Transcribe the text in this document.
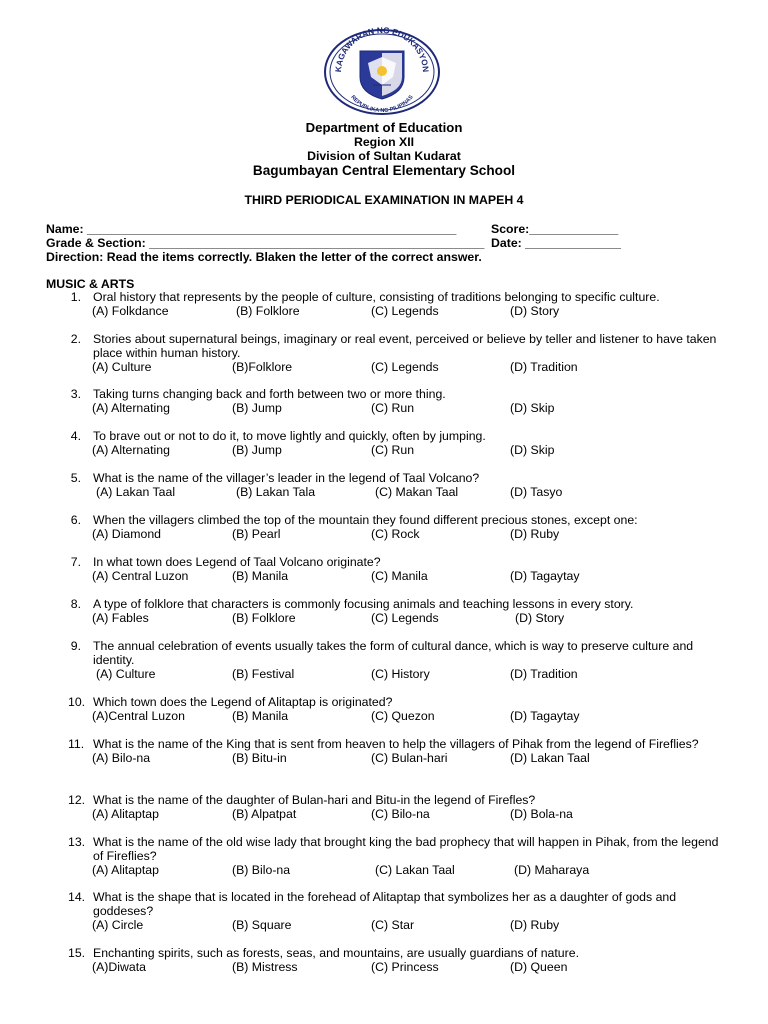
KAGAWARAN NG EDUKASYON
REPUBLIKA NG PILIPINAS
Department of Education
Region XII
Division of Sultan Kudarat
Bagumbayan Central Elementary School
THIRD PERIODICAL EXAMINATION IN MAPEH 4
Name: ______________________________________________________	Score:_____________
Grade & Section: _________________________________________________ Date: ______________
Direction: Read the items correctly. Blaken the letter of the correct answer.
MUSIC & ARTS
1. Oral history that represents by the people of culture, consisting of traditions belonging to specific culture.
(A) Folkdance	(B) Folklore	(C) Legends	(D) Story
2. Stories about supernatural beings, imaginary or real event, perceived or believe by teller and listener to have taken place within human history.
(A) Culture	(B)Folklore	(C) Legends	(D) Tradition
3. Taking turns changing back and forth between two or more thing.
(A) Alternating	(B) Jump	(C) Run	(D) Skip
4. To brave out or not to do it, to move lightly and quickly, often by jumping.
(A) Alternating	(B) Jump	(C) Run	(D) Skip
5. What is the name of the villager’s leader in the legend of Taal Volcano?
(A) Lakan Taal	(B) Lakan Tala	(C) Makan Taal	(D) Tasyo
6. When the villagers climbed the top of the mountain they found different precious stones, except one:
(A) Diamond	(B) Pearl	(C) Rock	(D) Ruby
7. In what town does Legend of Taal Volcano originate?
(A) Central Luzon	(B) Manila	(C) Manila	(D) Tagaytay
8. A type of folklore that characters is commonly focusing animals and teaching lessons in every story.
(A) Fables	(B) Folklore	(C) Legends	(D) Story
9. The annual celebration of events usually takes the form of cultural dance, which is way to preserve culture and identity.
(A) Culture	(B) Festival	(C) History	(D) Tradition
10. Which town does the Legend of Alitaptap is originated?
(A)Central Luzon	(B) Manila	(C) Quezon	(D) Tagaytay
11. What is the name of the King that is sent from heaven to help the villagers of Pihak from the legend of Fireflies?
(A) Bilo-na	(B) Bitu-in	(C) Bulan-hari	(D) Lakan Taal
12. What is the name of the daughter of Bulan-hari and Bitu-in the legend of Firefles?
(A) Alitaptap	(B) Alpatpat	(C) Bilo-na	(D) Bola-na
13. What is the name of the old wise lady that brought king the bad prophecy that will happen in Pihak, from the legend of Fireflies?
(A) Alitaptap	(B) Bilo-na	(C) Lakan Taal	(D) Maharaya
14. What is the shape that is located in the forehead of Alitaptap that symbolizes her as a daughter of gods and goddeses?
(A) Circle	(B) Square	(C) Star	(D) Ruby
15. Enchanting spirits, such as forests, seas, and mountains, are usually guardians of nature.
(A)Diwata	(B) Mistress	(C) Princess	(D) Queen
